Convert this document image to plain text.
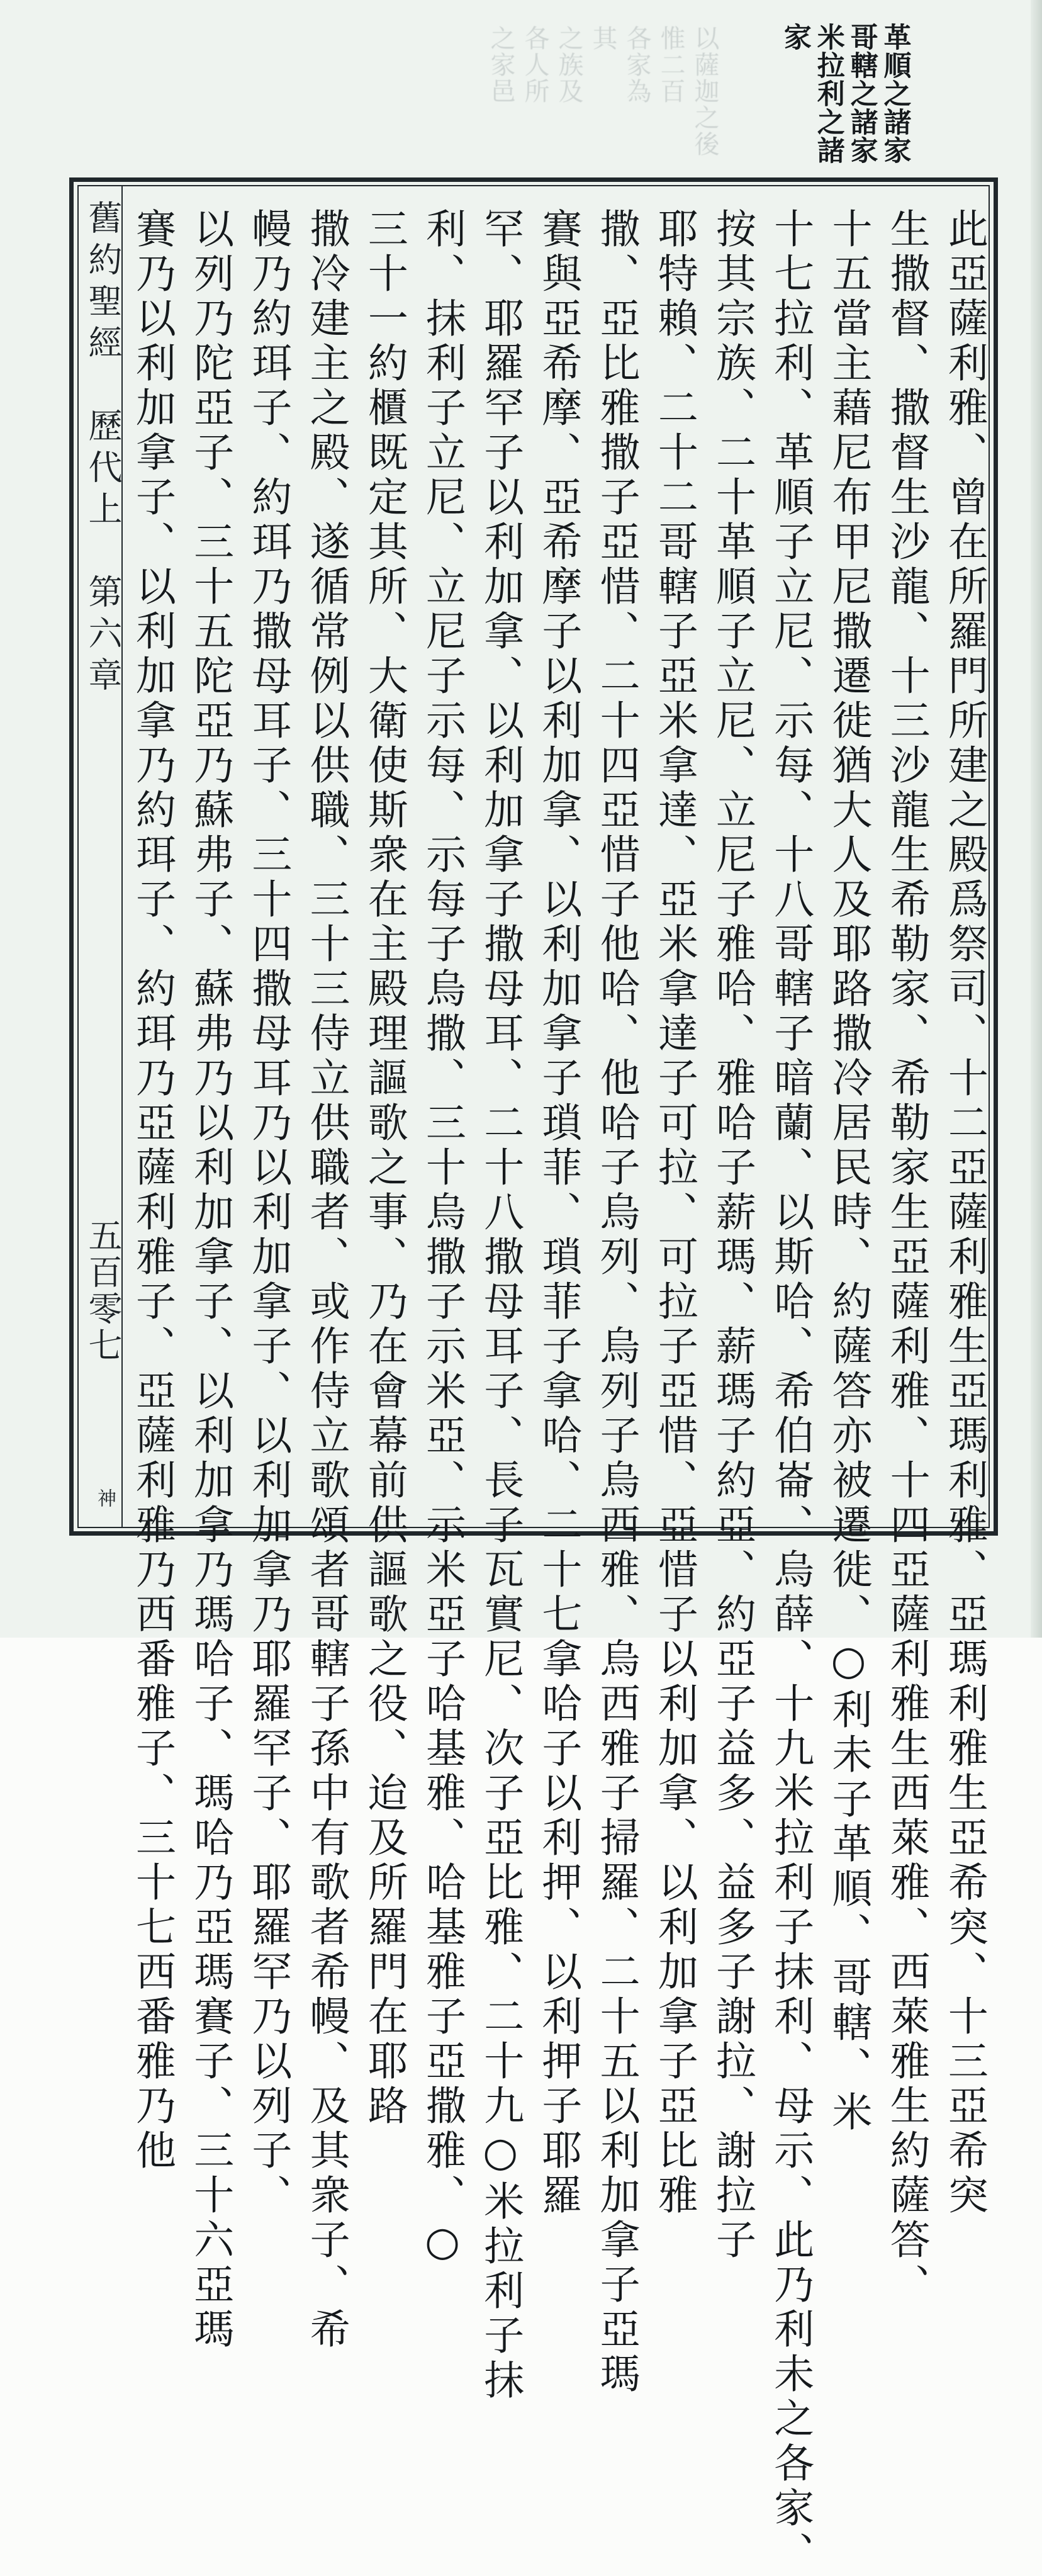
以薩迦之後
惟二百
各家為
其
之族及
各人所
之家邑	革順之諸家
哥轄之諸家
米拉利之諸
家
舊約聖經　歷代上　第六章
五百零七
神	此亞薩利雅、曾在所羅門所建之殿爲祭司、十二亞薩利雅生亞瑪利雅、亞瑪利雅生亞希突、十三亞希突
生撒督、撒督生沙龍、十三沙龍生希勒家、希勒家生亞薩利雅、十四亞薩利雅生西萊雅、西萊雅生約薩答、
十五當主藉尼布甲尼撒遷徙猶大人及耶路撒冷居民時、約薩答亦被遷徙、○利未子革順、哥轄、米
十七拉利、革順子立尼、示每、十八哥轄子暗蘭、以斯哈、希伯崙、烏薛、十九米拉利子抹利、母示、此乃利未之各家、
按其宗族、二十革順子立尼、立尼子雅哈、雅哈子薪瑪、薪瑪子約亞、約亞子益多、益多子謝拉、謝拉子
耶特賴、二十二哥轄子亞米拿達、亞米拿達子可拉、可拉子亞惜、亞惜子以利加拿、以利加拿子亞比雅
撒、亞比雅撒子亞惜、二十四亞惜子他哈、他哈子烏列、烏列子烏西雅、烏西雅子掃羅、二十五以利加拿子亞瑪
賽與亞希摩、亞希摩子以利加拿、以利加拿子瑣菲、瑣菲子拿哈、二十七拿哈子以利押、以利押子耶羅
罕、耶羅罕子以利加拿、以利加拿子撒母耳、二十八撒母耳子、長子瓦實尼、次子亞比雅、二十九○米拉利子抹
利、抹利子立尼、立尼子示每、示每子烏撒、三十烏撒子示米亞、示米亞子哈基雅、哈基雅子亞撒雅、○
三十一約櫃既定其所、大衛使斯衆在主殿理謳歌之事、乃在會幕前供謳歌之役、迨及所羅門在耶路
撒冷建主之殿、遂循常例以供職、三十三侍立供職者、或作侍立歌頌者哥轄子孫中有歌者希幔、及其衆子、希
幔乃約珥子、約珥乃撒母耳子、三十四撒母耳乃以利加拿子、以利加拿乃耶羅罕子、耶羅罕乃以列子、
以列乃陀亞子、三十五陀亞乃蘇弗子、蘇弗乃以利加拿子、以利加拿乃瑪哈子、瑪哈乃亞瑪賽子、三十六亞瑪
賽乃以利加拿子、以利加拿乃約珥子、約珥乃亞薩利雅子、亞薩利雅乃西番雅子、三十七西番雅乃他
